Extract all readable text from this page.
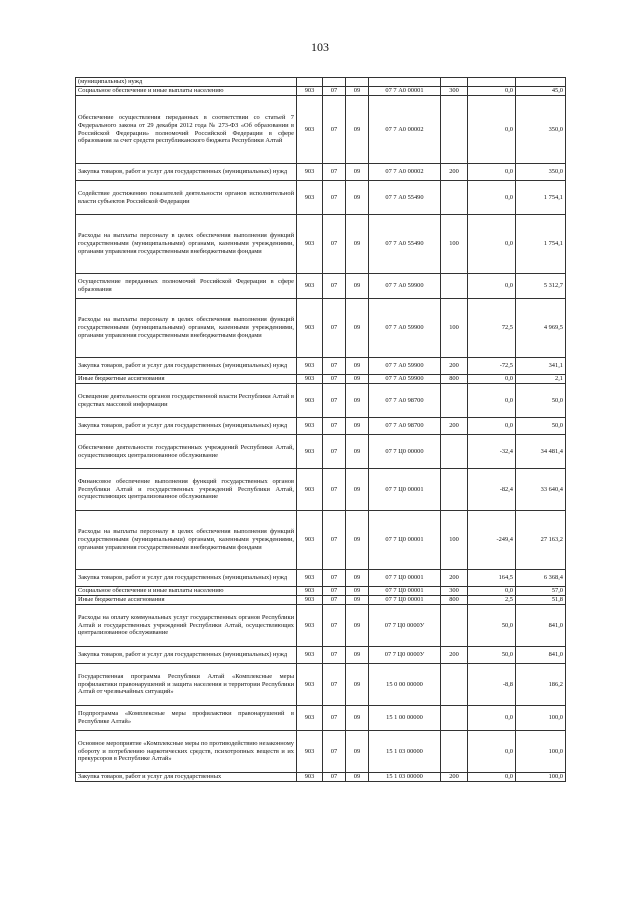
103
(муниципальных) нужд							
Социальное обеспечение и иные выплаты населению	903	07	09	07 7 А0 00001	300	0,0	45,0
Обеспечение осуществления переданных в соответствии со статьей 7 Федерального закона от 29 декабря 2012 года № 273-ФЗ «Об образовании в Российской Федерации» полномочий Российской Федерации в сфере образования за счет средств республиканского бюджета Республики Алтай	903	07	09	07 7 А0 00002		0,0	350,0
Закупка товаров, работ и услуг для государственных (муниципальных) нужд	903	07	09	07 7 А0 00002	200	0,0	350,0
Содействие достижению показателей деятельности органов исполнительной власти субъектов Российской Федерации	903	07	09	07 7 А0 55490		0,0	1 754,1
Расходы на выплаты персоналу в целях обеспечения выполнения функций государственными (муниципальными) органами, казенными учреждениями, органами управления государственными внебюджетными фондами	903	07	09	07 7 А0 55490	100	0,0	1 754,1
Осуществление переданных полномочий Российской Федерации в сфере образования	903	07	09	07 7 А0 59900		0,0	5 312,7
Расходы на выплаты персоналу в целях обеспечения выполнения функций государственными (муниципальными) органами, казенными учреждениями, органами управления государственными внебюджетными фондами	903	07	09	07 7 А0 59900	100	72,5	4 969,5
Закупка товаров, работ и услуг для государственных (муниципальных) нужд	903	07	09	07 7 А0 59900	200	-72,5	341,1
Иные бюджетные ассигнования	903	07	09	07 7 А0 59900	800	0,0	2,1
Освещение деятельности органов государственной власти Республики Алтай в средствах массовой информации	903	07	09	07 7 А0 98700		0,0	50,0
Закупка товаров, работ и услуг для государственных (муниципальных) нужд	903	07	09	07 7 А0 98700	200	0,0	50,0
Обеспечение деятельности государственных учреждений Республики Алтай, осуществляющих централизованное обслуживание	903	07	09	07 7 Ц0 00000		-32,4	34 481,4
Финансовое обеспечение выполнения функций государственных органов Республики Алтай и государственных учреждений Республики Алтай, осуществляющих централизованное обслуживание	903	07	09	07 7 Ц0 00001		-82,4	33 640,4
Расходы на выплаты персоналу в целях обеспечения выполнения функций государственными (муниципальными) органами, казенными учреждениями, органами управления государственными внебюджетными фондами	903	07	09	07 7 Ц0 00001	100	-249,4	27 163,2
Закупка товаров, работ и услуг для государственных (муниципальных) нужд	903	07	09	07 7 Ц0 00001	200	164,5	6 368,4
Социальное обеспечение и иные выплаты населению	903	07	09	07 7 Ц0 00001	300	0,0	57,0
Иные бюджетные ассигнования	903	07	09	07 7 Ц0 00001	800	2,5	51,8
Расходы на оплату коммунальных услуг государственных органов Республики Алтай и государственных учреждений Республики Алтай, осуществляющих централизованное обслуживание	903	07	09	07 7 Ц0 0000У		50,0	841,0
Закупка товаров, работ и услуг для государственных (муниципальных) нужд	903	07	09	07 7 Ц0 0000У	200	50,0	841,0
Государственная программа Республики Алтай «Комплексные меры профилактики правонарушений и защита населения и территории Республики Алтай от чрезвычайных ситуаций»	903	07	09	15 0 00 00000		-8,8	186,2
Подпрограмма «Комплексные меры профилактики правонарушений в Республике Алтай»	903	07	09	15 1 00 00000		0,0	100,0
Основное мероприятие «Комплексные меры по противодействию незаконному обороту и потреблению наркотических средств, психотропных веществ и их прекурсоров в Республике Алтай»	903	07	09	15 1 03 00000		0,0	100,0
Закупка товаров, работ и услуг для государственных	903	07	09	15 1 03 00000	200	0,0	100,0
